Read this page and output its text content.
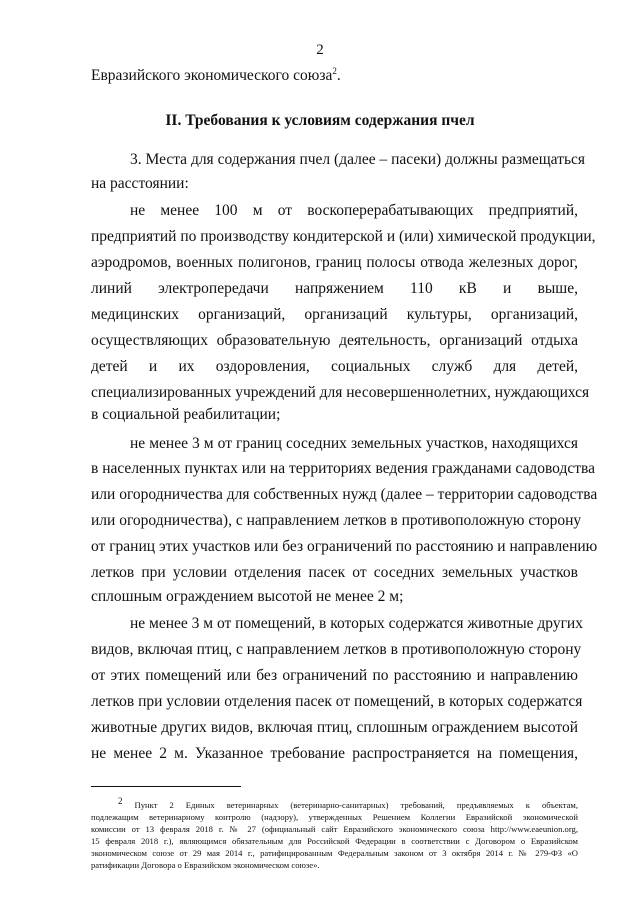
2
Евразийского экономического союза$^2$.
II. Требования к условиям содержания пчел
3. Места для содержания пчел (далее – пасеки) должны размещаться
на расстоянии:
не менее 100 м от воскоперерабатывающих предприятий,
предприятий по производству кондитерской и (или) химической продукции,
аэродромов, военных полигонов, границ полосы отвода железных дорог,
линий электропередачи напряжением 110 кВ и выше,
медицинских организаций, организаций культуры, организаций,
осуществляющих образовательную деятельность, организаций отдыха
детей и их оздоровления, социальных служб для детей,
специализированных учреждений для несовершеннолетних, нуждающихся
в социальной реабилитации;
не менее 3 м от границ соседних земельных участков, находящихся
в населенных пунктах или на территориях ведения гражданами садоводства
или огородничества для собственных нужд (далее – территории садоводства
или огородничества), с направлением летков в противоположную сторону
от границ этих участков или без ограничений по расстоянию и направлению
летков при условии отделения пасек от соседних земельных участков
сплошным ограждением высотой не менее 2 м;
не менее 3 м от помещений, в которых содержатся животные других
видов, включая птиц, с направлением летков в противоположную сторону
от этих помещений или без ограничений по расстоянию и направлению
летков при условии отделения пасек от помещений, в которых содержатся
животные других видов, включая птиц, сплошным ограждением высотой
не менее 2 м. Указанное требование распространяется на помещения,
$^2$ Пункт 2 Единых ветеринарных (ветеринарно-санитарных) требований, предъявляемых к объектам,
подлежащим ветеринарному контролю (надзору), утвержденных Решением Коллегии Евразийской экономической
комиссии от 13 февраля 2018 г. № 27 (официальный сайт Евразийского экономического союза http://www.eaeunion.org,
15 февраля 2018 г.), являющимся обязательным для Российской Федерации в соответствии с Договором о Евразийском
экономическом союзе от 29 мая 2014 г., ратифицированным Федеральным законом от 3 октября 2014 г. № 279-ФЗ «О
ратификации Договора о Евразийском экономическом союзе».
